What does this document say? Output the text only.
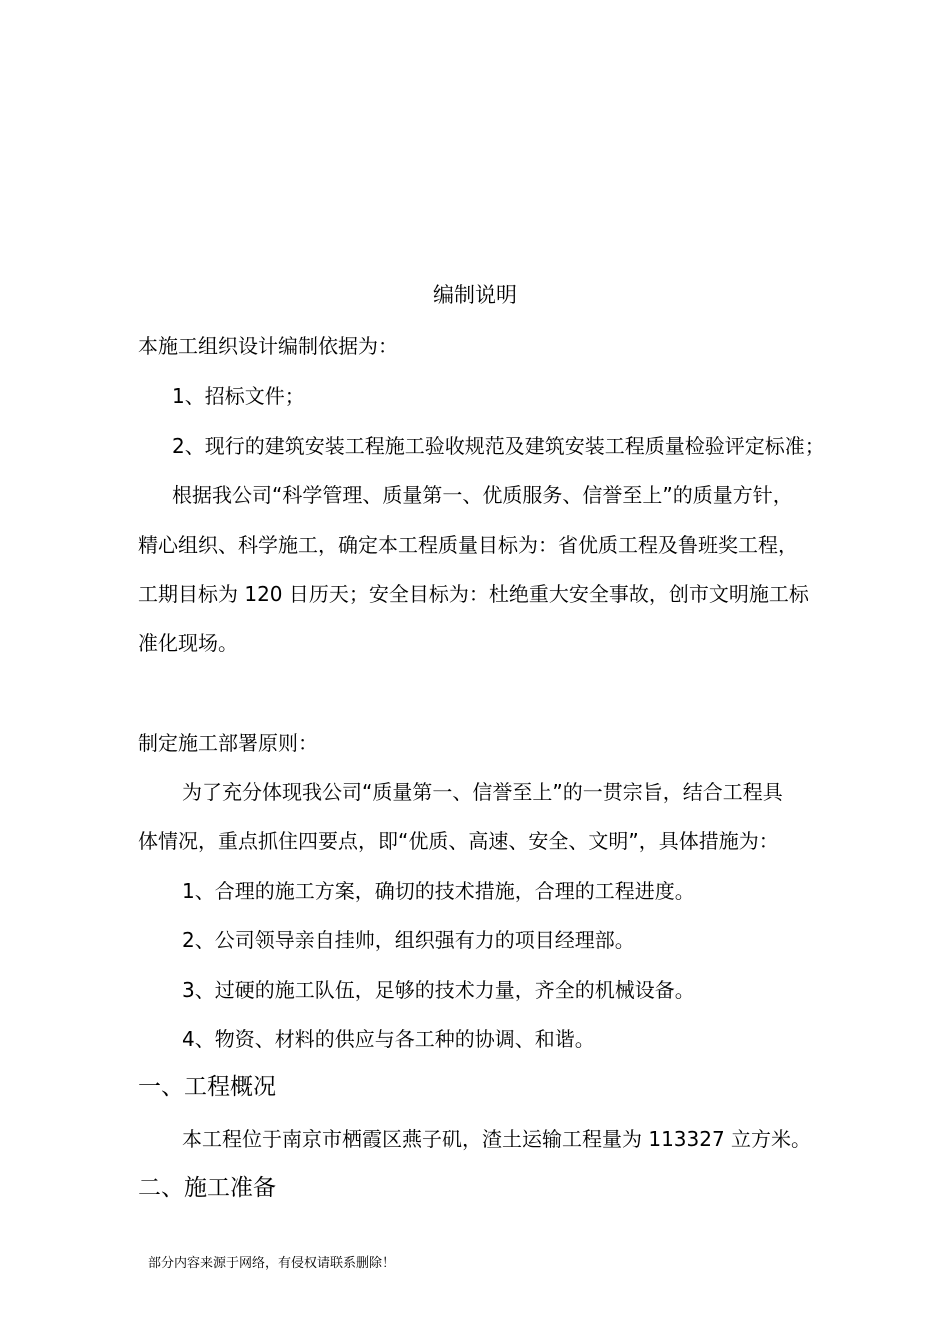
编制说明
本施工组织设计编制依据为：
1、招标文件；
2、现行的建筑安装工程施工验收规范及建筑安装工程质量检验评定标准；
根据我公司“科学管理、质量第一、优质服务、信誉至上”的质量方针，
精心组织、科学施工，确定本工程质量目标为：省优质工程及鲁班奖工程，
工期目标为 120 日历天；安全目标为：杜绝重大安全事故，创市文明施工标
准化现场。
制定施工部署原则：
为了充分体现我公司“质量第一、信誉至上”的一贯宗旨，结合工程具
体情况，重点抓住四要点，即“优质、高速、安全、文明”，具体措施为：
1、合理的施工方案，确切的技术措施，合理的工程进度。
2、公司领导亲自挂帅，组织强有力的项目经理部。
3、过硬的施工队伍，足够的技术力量，齐全的机械设备。
4、物资、材料的供应与各工种的协调、和谐。
一、工程概况
本工程位于南京市栖霞区燕子矶，渣土运输工程量为 113327 立方米。
二、施工准备
部分内容来源于网络，有侵权请联系删除！
